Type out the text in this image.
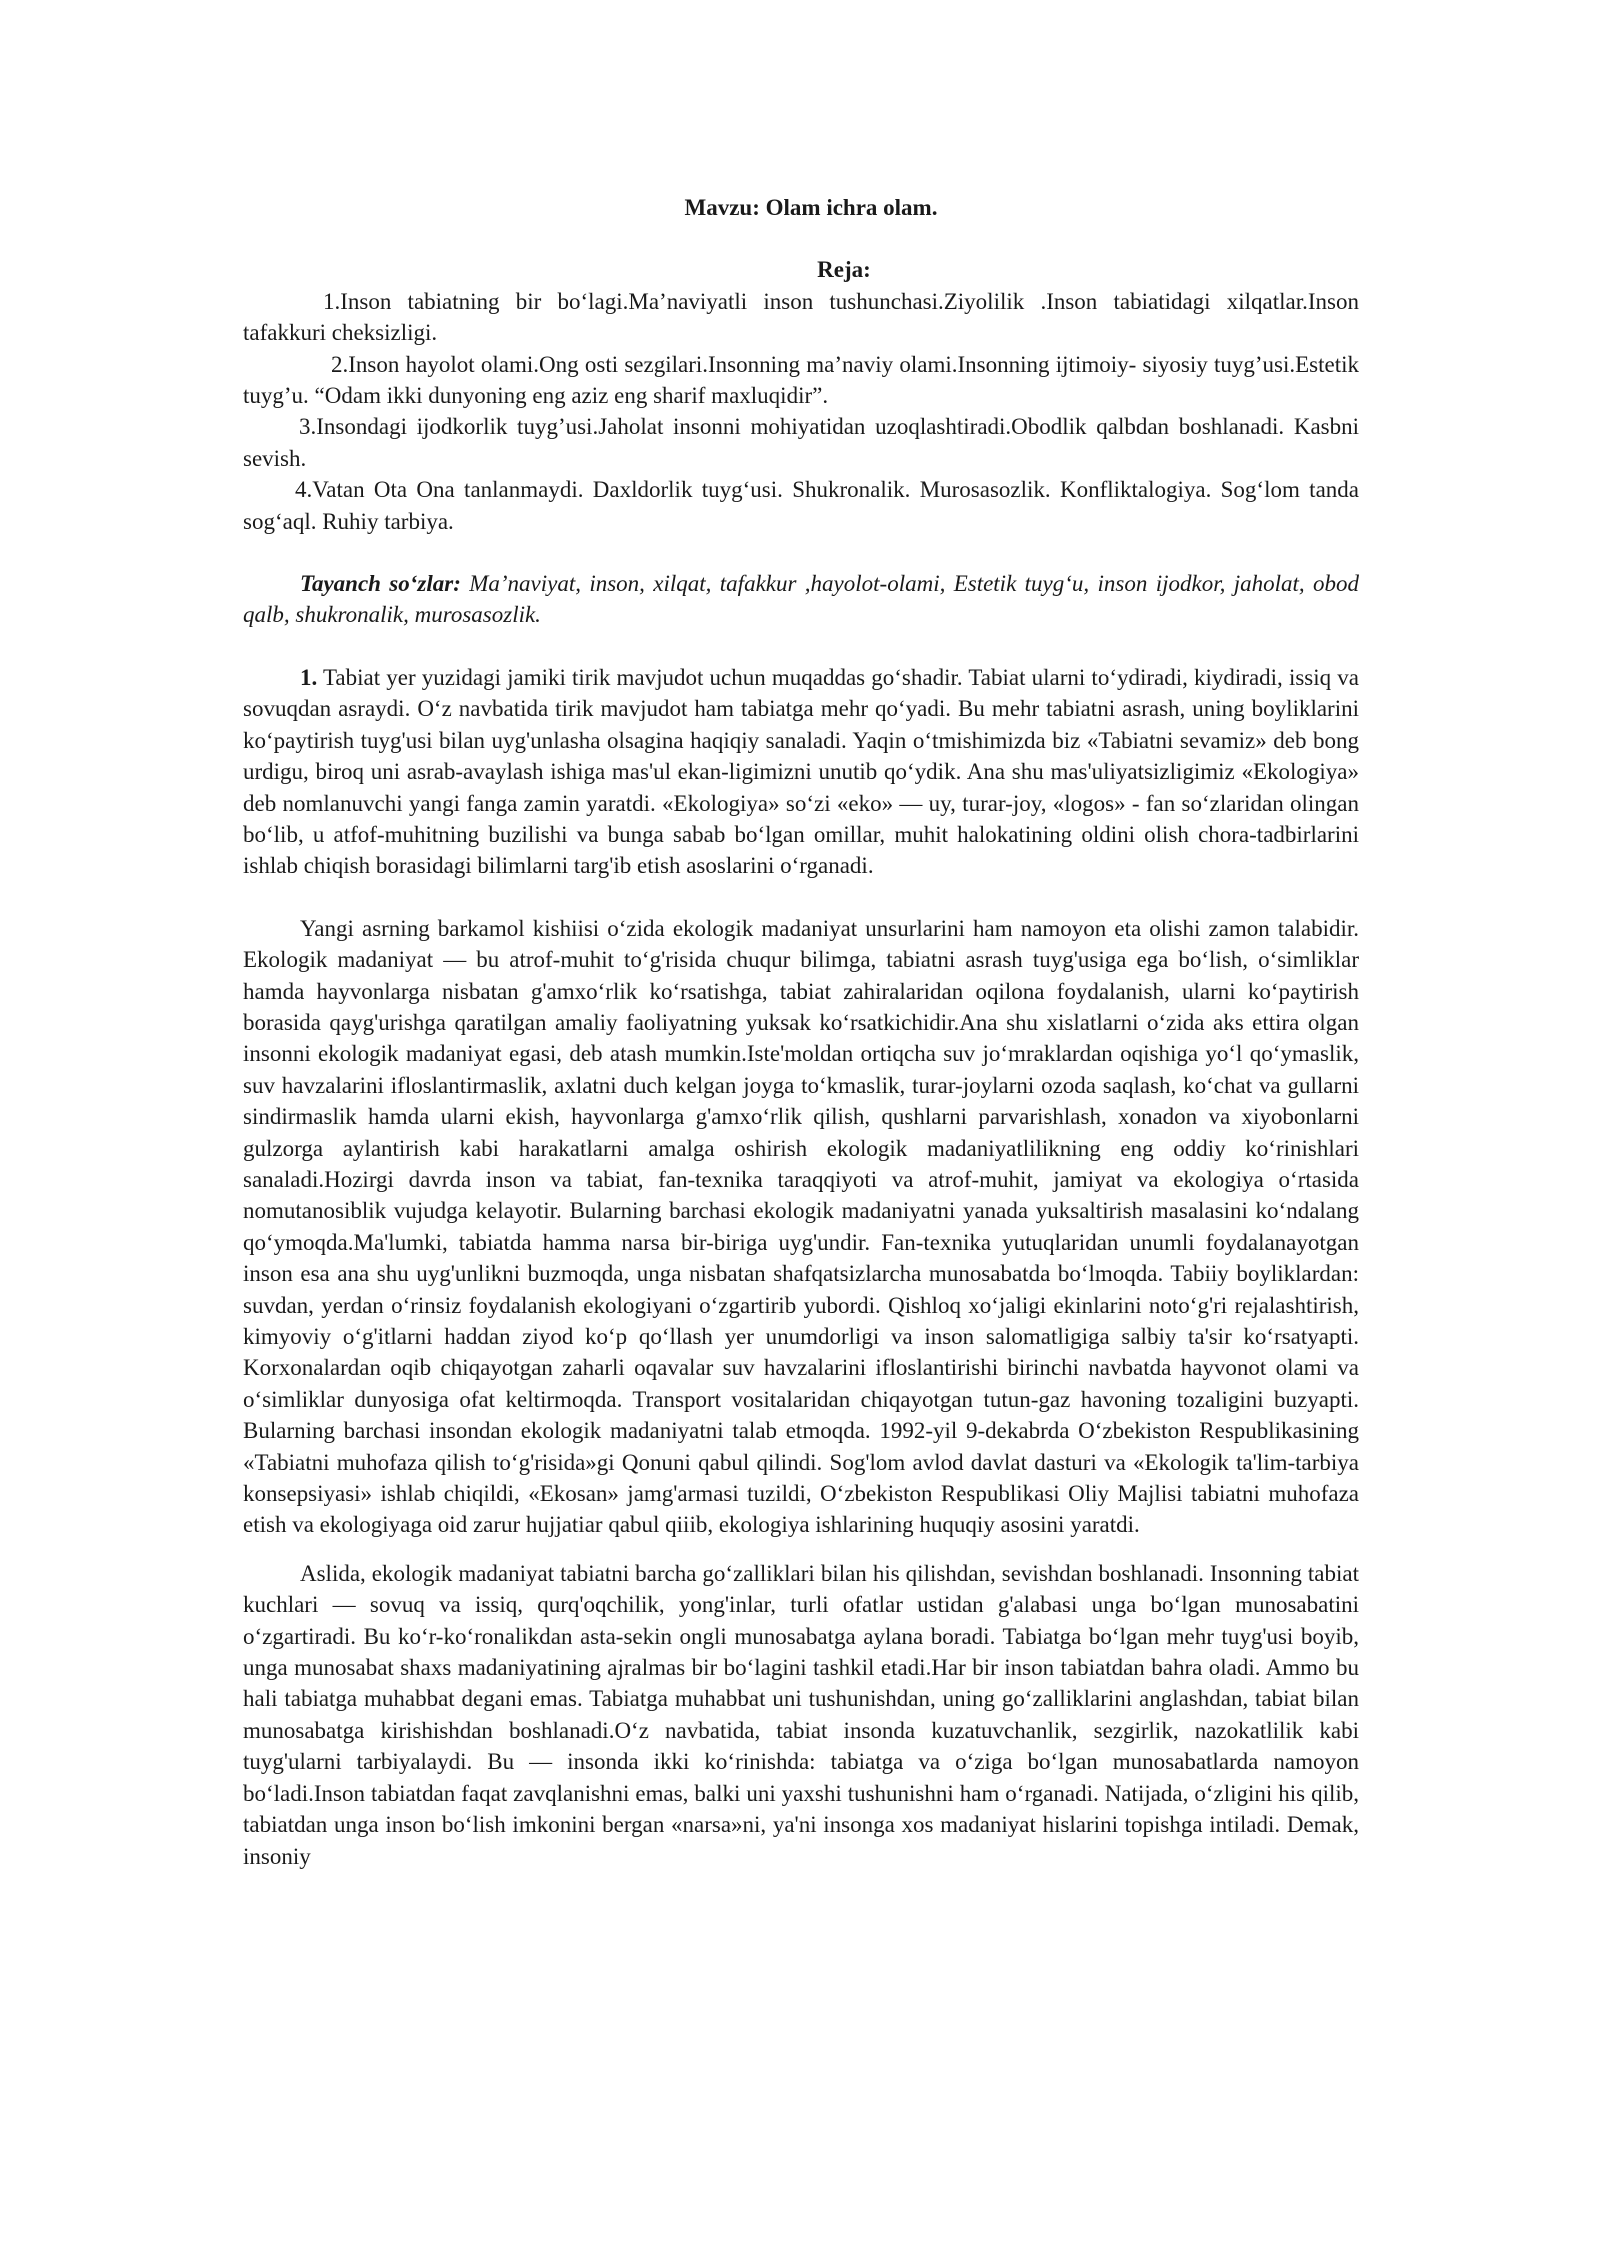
Mavzu: Olam ichra olam.

Reja:

1.Inson tabiatning bir bo‘lagi.Ma’naviyatli inson tushunchasi.Ziyolilik .Inson tabiatidagi xilqatlar.Inson tafakkuri cheksizligi.

2.Inson hayolot olami.Ong osti sezgilari.Insonning ma’naviy olami.Insonning ijtimoiy- siyosiy tuyg’usi.Estetik tuyg’u. “Odam ikki dunyoning eng aziz eng sharif maxluqidir”.

3.Insondagi ijodkorlik tuyg’usi.Jaholat insonni mohiyatidan uzoqlashtiradi.Obodlik qalbdan boshlanadi. Kasbni sevish.

4.Vatan Ota Ona tanlanmaydi. Daxldorlik tuyg‘usi. Shukronalik. Murosasozlik. Konfliktalogiya. Sog‘lom tanda sog‘aql. Ruhiy tarbiya.

Tayanch so‘zlar: Ma’naviyat, inson, xilqat, tafakkur ,hayolot-olami, Estetik tuyg‘u, inson ijodkor, jaholat, obod qalb, shukronalik, murosasozlik.

1. Tabiat yer yuzidagi jamiki tirik mavjudot uchun muqaddas go‘shadir. Tabiat ularni to‘ydiradi, kiydiradi, issiq va sovuqdan asraydi. O‘z navbatida tirik mavjudot ham tabiatga mehr qo‘yadi. Bu mehr tabiatni asrash, uning boyliklarini ko‘paytirish tuyg'usi bilan uyg'unlasha olsagina haqiqiy sanaladi. Yaqin o‘tmishimizda biz «Tabiatni sevamiz» deb bong urdigu, biroq uni asrab-avaylash ishiga mas'ul ekan-ligimizni unutib qo‘ydik. Ana shu mas'uliyatsizligimiz «Ekologiya» deb nomlanuvchi yangi fanga zamin yaratdi. «Ekologiya» so‘zi «eko» — uy, turar-joy, «logos» - fan so‘zlaridan olingan bo‘lib, u atfof-muhitning buzilishi va bunga sabab bo‘lgan omillar, muhit halokatining oldini olish chora-tadbirlarini ishlab chiqish borasidagi bilimlarni targ'ib etish asoslarini o‘rganadi.

Yangi asrning barkamol kishiisi o‘zida ekologik madaniyat unsurlarini ham namoyon eta olishi zamon talabidir. Ekologik madaniyat — bu atrof-muhit to‘g'risida chuqur bilimga, tabiatni asrash tuyg'usiga ega bo‘lish, o‘simliklar hamda hayvonlarga nisbatan g'amxo‘rlik ko‘rsatishga, tabiat zahiralaridan oqilona foydalanish, ularni ko‘paytirish borasida qayg'urishga qaratilgan amaliy faoliyatning yuksak ko‘rsatkichidir.Ana shu xislatlarni o‘zida aks ettira olgan insonni ekologik madaniyat egasi, deb atash mumkin.Iste'moldan ortiqcha suv jo‘mraklardan oqishiga yo‘l qo‘ymaslik, suv havzalarini ifloslantirmaslik, axlatni duch kelgan joyga to‘kmaslik, turar-joylarni ozoda saqlash, ko‘chat va gullarni sindirmaslik hamda ularni ekish, hayvonlarga g'amxo‘rlik qilish, qushlarni parvarishlash, xonadon va xiyobonlarni gulzorga aylantirish kabi harakatlarni amalga oshirish ekologik madaniyatlilikning eng oddiy ko‘rinishlari sanaladi.Hozirgi davrda inson va tabiat, fan-texnika taraqqiyoti va atrof-muhit, jamiyat va ekologiya o‘rtasida nomutanosiblik vujudga kelayotir. Bularning barchasi ekologik madaniyatni yanada yuksaltirish masalasini ko‘ndalang qo‘ymoqda.Ma'lumki, tabiatda hamma narsa bir-biriga uyg'undir. Fan-texnika yutuqlaridan unumli foydalanayotgan inson esa ana shu uyg'unlikni buzmoqda, unga nisbatan shafqatsizlarcha munosabatda bo‘lmoqda. Tabiiy boyliklardan: suvdan, yerdan o‘rinsiz foydalanish ekologiyani o‘zgartirib yubordi. Qishloq xo‘jaligi ekinlarini noto‘g'ri rejalashtirish, kimyoviy o‘g'itlarni haddan ziyod ko‘p qo‘llash yer unumdorligi va inson salomatligiga salbiy ta'sir ko‘rsatyapti. Korxonalardan oqib chiqayotgan zaharli oqavalar suv havzalarini ifloslantirishi birinchi navbatda hayvonot olami va o‘simliklar dunyosiga ofat keltirmoqda. Transport vositalaridan chiqayotgan tutun-gaz havoning tozaligini buzyapti. Bularning barchasi insondan ekologik madaniyatni talab etmoqda. 1992-yil 9-dekabrda O‘zbekiston Respublikasining «Tabiatni muhofaza qilish to‘g'risida»gi Qonuni qabul qilindi. Sog'lom avlod davlat dasturi va «Ekologik ta'lim-tarbiya konsepsiyasi» ishlab chiqildi, «Ekosan» jamg'armasi tuzildi, O‘zbekiston Respublikasi Oliy Majlisi tabiatni muhofaza etish va ekologiyaga oid zarur hujjatiar qabul qiiib, ekologiya ishlarining huquqiy asosini yaratdi.

Aslida, ekologik madaniyat tabiatni barcha go‘zalliklari bilan his qilishdan, sevishdan boshlanadi. Insonning tabiat kuchlari — sovuq va issiq, qurq'oqchilik, yong'inlar, turli ofatlar ustidan g'alabasi unga bo‘lgan munosabatini o‘zgartiradi. Bu ko‘r-ko‘ronalikdan asta-sekin ongli munosabatga aylana boradi. Tabiatga bo‘lgan mehr tuyg'usi boyib, unga munosabat shaxs madaniyatining ajralmas bir bo‘lagini tashkil etadi.Har bir inson tabiatdan bahra oladi. Ammo bu hali tabiatga muhabbat degani emas. Tabiatga muhabbat uni tushunishdan, uning go‘zalliklarini anglashdan, tabiat bilan munosabatga kirishishdan boshlanadi.O‘z navbatida, tabiat insonda kuzatuvchanlik, sezgirlik, nazokatlilik kabi tuyg'ularni tarbiyalaydi. Bu — insonda ikki ko‘rinishda: tabiatga va o‘ziga bo‘lgan munosabatlarda namoyon bo‘ladi.Inson tabiatdan faqat zavqlanishni emas, balki uni yaxshi tushunishni ham o‘rganadi. Natijada, o‘zligini his qilib, tabiatdan unga inson bo‘lish imkonini bergan «narsa»ni, ya'ni insonga xos madaniyat hislarini topishga intiladi. Demak, insoniy
